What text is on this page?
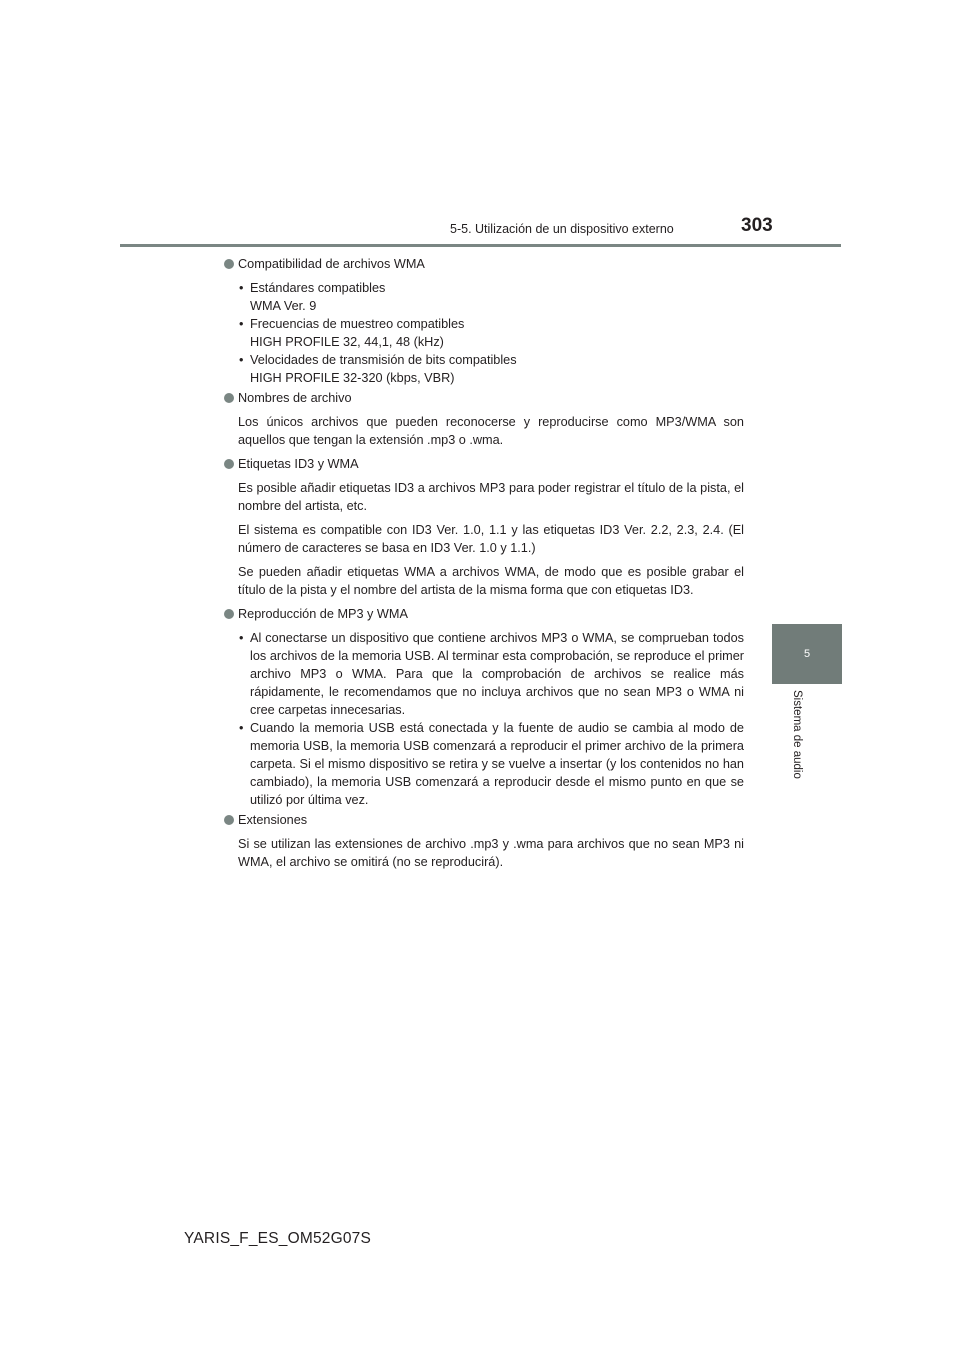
5-5. Utilización de un dispositivo externo	303
5
Sistema de audio
Compatibilidad de archivos WMA
• Estándares compatibles
WMA Ver. 9
• Frecuencias de muestreo compatibles
HIGH PROFILE 32, 44,1, 48 (kHz)
• Velocidades de transmisión de bits compatibles
HIGH PROFILE 32-320 (kbps, VBR)
Nombres de archivo

Los únicos archivos que pueden reconocerse y reproducirse como MP3/WMA son aquellos que tengan la extensión .mp3 o .wma.

Etiquetas ID3 y WMA

Es posible añadir etiquetas ID3 a archivos MP3 para poder registrar el título de la pista, el nombre del artista, etc.

El sistema es compatible con ID3 Ver. 1.0, 1.1 y las etiquetas ID3 Ver. 2.2, 2.3, 2.4. (El número de caracteres se basa en ID3 Ver. 1.0 y 1.1.)

Se pueden añadir etiquetas WMA a archivos WMA, de modo que es posible grabar el título de la pista y el nombre del artista de la misma forma que con etiquetas ID3.

Reproducción de MP3 y WMA
• Al conectarse un dispositivo que contiene archivos MP3 o WMA, se comprueban todos los archivos de la memoria USB. Al terminar esta comprobación, se reproduce el primer archivo MP3 o WMA. Para que la comprobación de archivos se realice más rápidamente, le recomendamos que no incluya archivos que no sean MP3 o WMA ni cree carpetas innecesarias.
• Cuando la memoria USB está conectada y la fuente de audio se cambia al modo de memoria USB, la memoria USB comenzará a reproducir el primer archivo de la primera carpeta. Si el mismo dispositivo se retira y se vuelve a insertar (y los contenidos no han cambiado), la memoria USB comenzará a reproducir desde el mismo punto en que se utilizó por última vez.
Extensiones

Si se utilizan las extensiones de archivo .mp3 y .wma para archivos que no sean MP3 ni WMA, el archivo se omitirá (no se reproducirá).

YARIS_F_ES_OM52G07S
